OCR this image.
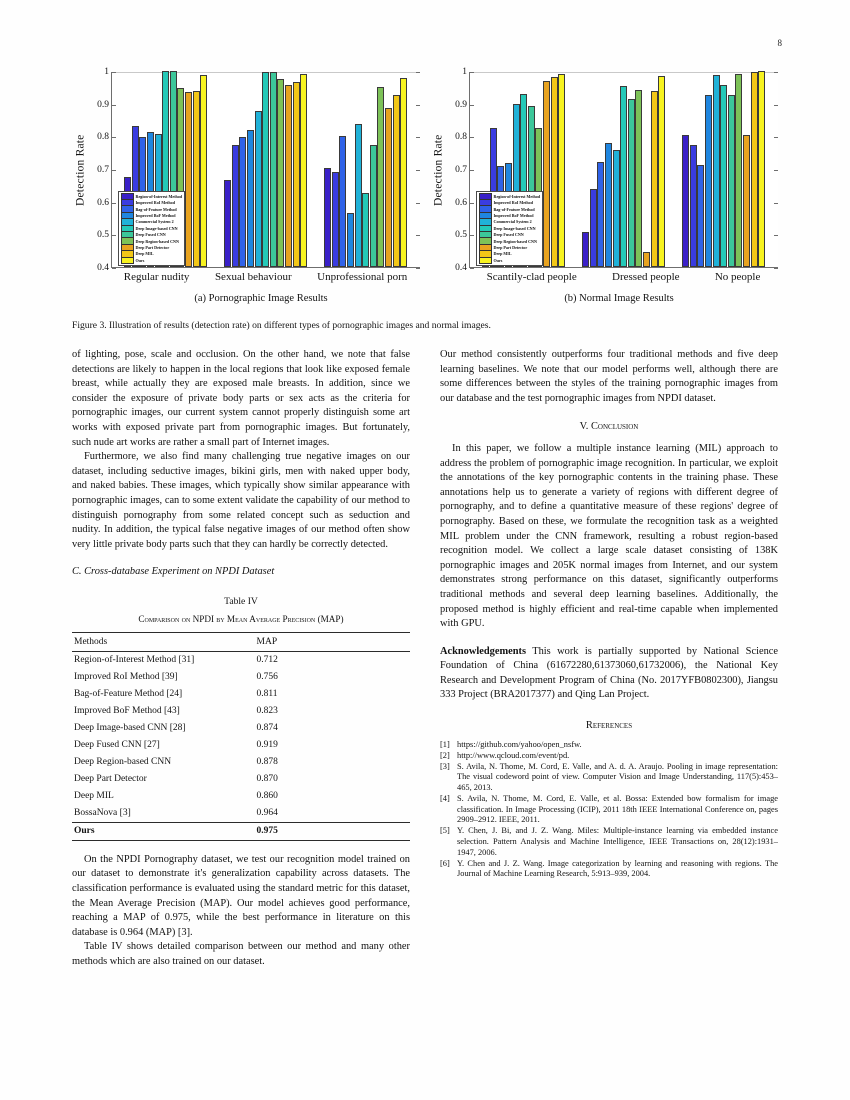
8
Detection Rate
0.4
0.5
0.6
0.7
0.8
0.9
1
Region-of-Interest Method
Improved RoI Method
Bag-of-Feature Method
Improved BoF Method
Commercial System 2
Deep Image-based CNN
Deep Fused CNN
Deep Region-based CNN
Deep Part Detector
Deep MIL
Ours
Regular nudity Sexual behaviour Unprofessional porn
(a) Pornographic Image Results
Detection Rate
0.4
0.5
0.6
0.7
0.8
0.9
1
Region-of-Interest Method
Improved RoI Method
Bag-of-Feature Method
Improved BoF Method
Commercial System 2
Deep Image-based CNN
Deep Fused CNN
Deep Region-based CNN
Deep Part Detector
Deep MIL
Ours
Scantily-clad people	Dressed people	No people
(b) Normal Image Results
Figure 3. Illustration of results (detection rate) on different types of pornographic images and normal images.

of lighting, pose, scale and occlusion. On the other hand, we note that false detections are likely to happen in the local regions that look like exposed female breast, while actually they are exposed male breasts. In addition, since we consider the exposure of private body parts or sex acts as the criteria for pornographic images, our current system cannot properly distinguish some art works with exposed private part from pornographic images. But fortunately, such nude art works are rather a small part of Internet images.

Furthermore, we also find many challenging true negative images on our dataset, including seductive images, bikini girls, men with naked upper body, and naked babies. These images, which typically show similar appearance with pornographic images, can to some extent validate the capability of our method to distinguish pornography from some related concept such as seduction and nudity. In addition, the typical false negative images of our method often show very little private body parts such that they can hardly be correctly detected.

C. Cross-database Experiment on NPDI Dataset
Table IV
Comparison on NPDI by Mean Average Precision (MAP)
Methods	MAP
Region-of-Interest Method [31]	0.712
Improved RoI Method [39]	0.756
Bag-of-Feature Method [24]	0.811
Improved BoF Method [43]	0.823
Deep Image-based CNN [28]	0.874
Deep Fused CNN [27]	0.919
Deep Region-based CNN	0.878
Deep Part Detector	0.870
Deep MIL	0.860
BossaNova [3]	0.964
Ours	0.975

On the NPDI Pornography dataset, we test our recognition model trained on our dataset to demonstrate it's generalization capability across datasets. The classification performance is evaluated using the standard metric for this dataset, the Mean Average Precision (MAP). Our model achieves good performance, reaching a MAP of 0.975, while the best performance in literature on this database is 0.964 (MAP) [3].

Table IV shows detailed comparison between our method and many other methods which are also trained on our dataset.

Our method consistently outperforms four traditional methods and five deep learning baselines. We note that our model performs well, although there are some differences between the styles of the training pornographic images from our database and the test pornographic images from NPDI dataset.

V. Conclusion

In this paper, we follow a multiple instance learning (MIL) approach to address the problem of pornographic image recognition. In particular, we exploit the annotations of the key pornographic contents in the training phase. These annotations help us to generate a variety of regions with different degree of pornography, and to define a quantitative measure of these regions' degree of pornography. Based on these, we formulate the recognition task as a weighted MIL problem under the CNN framework, resulting a robust region-based recognition model. We collect a large scale dataset consisting of 138K pornographic images and 205K normal images from Internet, and our system demonstrates strong performance on this dataset, significantly outperforms traditional methods and several deep learning baselines. Additionally, the proposed method is highly efficient and real-time capable when implemented with GPU.

Acknowledgements This work is partially supported by National Science Foundation of China (61672280,61373060,61732006), the National Key Research and Development Program of China (No. 2017YFB0802300), Jiangsu 333 Project (BRA2017377) and Qing Lan Project.

References
[1] https://github.com/yahoo/open_nsfw.
[2] http://www.qcloud.com/event/pd.
[3] S. Avila, N. Thome, M. Cord, E. Valle, and A. d. A. Araujo. Pooling in image representation: The visual codeword point of view. Computer Vision and Image Understanding, 117(5):453–465, 2013.
[4] S. Avila, N. Thome, M. Cord, E. Valle, et al. Bossa: Extended bow formalism for image classification. In Image Processing (ICIP), 2011 18th IEEE International Conference on, pages 2909–2912. IEEE, 2011.
[5] Y. Chen, J. Bi, and J. Z. Wang. Miles: Multiple-instance learning via embedded instance selection. Pattern Analysis and Machine Intelligence, IEEE Transactions on, 28(12):1931–1947, 2006.
[6] Y. Chen and J. Z. Wang. Image categorization by learning and reasoning with regions. The Journal of Machine Learning Research, 5:913–939, 2004.
